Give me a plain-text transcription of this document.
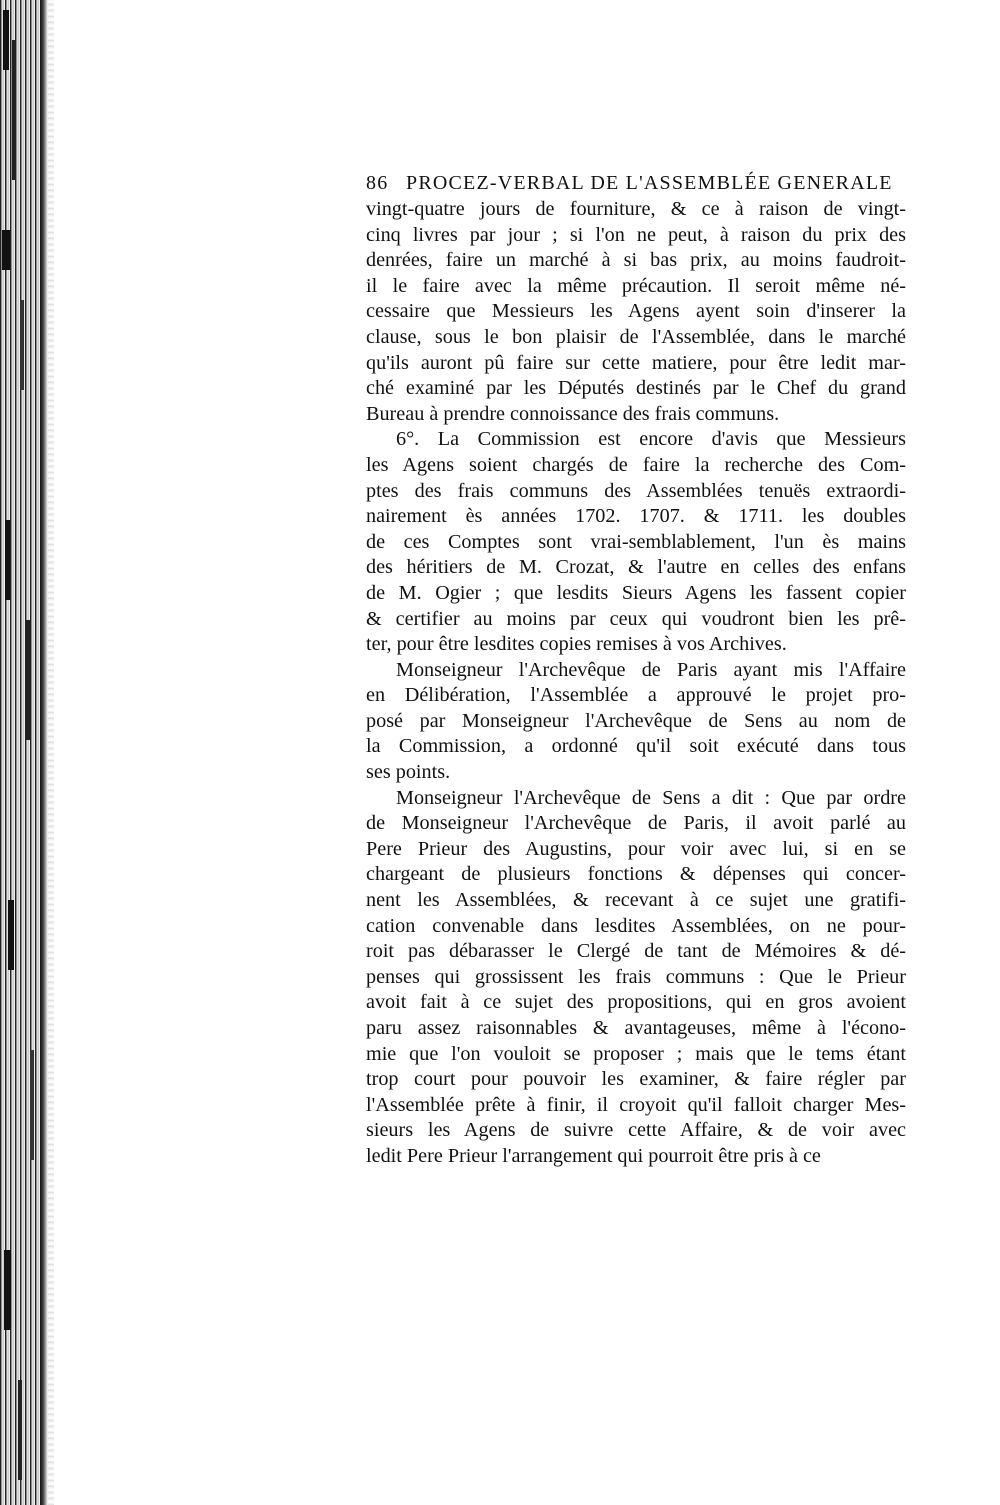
86 PROCEZ-VERBAL DE L'ASSEMBLÉE GENERALE
vingt-quatre jours de fourniture, & ce à raison de vingt-
cinq livres par jour ; si l'on ne peut, à raison du prix des
denrées, faire un marché à si bas prix, au moins faudroit-
il le faire avec la même précaution. Il seroit même né-
cessaire que Messieurs les Agens ayent soin d'inserer la
clause, sous le bon plaisir de l'Assemblée, dans le marché
qu'ils auront pû faire sur cette matiere, pour être ledit mar-
ché examiné par les Députés destinés par le Chef du grand
Bureau à prendre connoissance des frais communs.
6°. La Commission est encore d'avis que Messieurs
les Agens soient chargés de faire la recherche des Com-
ptes des frais communs des Assemblées tenuës extraordi-
nairement ès années 1702. 1707. & 1711. les doubles
de ces Comptes sont vrai-semblablement, l'un ès mains
des héritiers de M. Crozat, & l'autre en celles des enfans
de M. Ogier ; que lesdits Sieurs Agens les fassent copier
& certifier au moins par ceux qui voudront bien les prê-
ter, pour être lesdites copies remises à vos Archives.
Monseigneur l'Archevêque de Paris ayant mis l'Affaire
en Délibération, l'Assemblée a approuvé le projet pro-
posé par Monseigneur l'Archevêque de Sens au nom de
la Commission, a ordonné qu'il soit exécuté dans tous
ses points.
Monseigneur l'Archevêque de Sens a dit : Que par ordre
de Monseigneur l'Archevêque de Paris, il avoit parlé au
Pere Prieur des Augustins, pour voir avec lui, si en se
chargeant de plusieurs fonctions & dépenses qui concer-
nent les Assemblées, & recevant à ce sujet une gratifi-
cation convenable dans lesdites Assemblées, on ne pour-
roit pas débarasser le Clergé de tant de Mémoires & dé-
penses qui grossissent les frais communs : Que le Prieur
avoit fait à ce sujet des propositions, qui en gros avoient
paru assez raisonnables & avantageuses, même à l'écono-
mie que l'on vouloit se proposer ; mais que le tems étant
trop court pour pouvoir les examiner, & faire régler par
l'Assemblée prête à finir, il croyoit qu'il falloit charger Mes-
sieurs les Agens de suivre cette Affaire, & de voir avec
ledit Pere Prieur l'arrangement qui pourroit être pris à ce
